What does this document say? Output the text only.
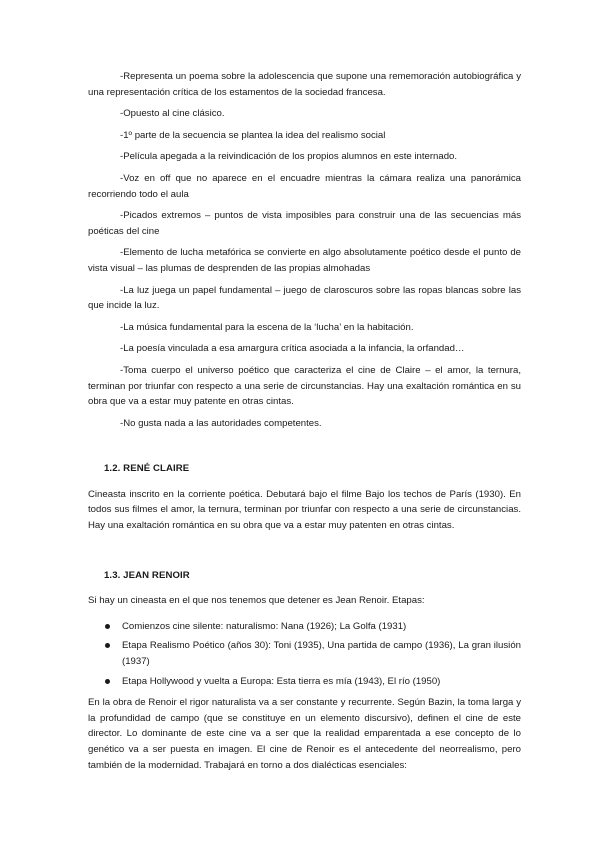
-Representa un poema sobre la adolescencia que supone una rememoración autobiográfica y una representación crítica de los estamentos de la sociedad francesa.

-Opuesto al cine clásico.

-1º parte de la secuencia se plantea la idea del realismo social

-Película apegada a la reivindicación de los propios alumnos en este internado.

-Voz en off que no aparece en el encuadre mientras la cámara realiza una panorámica recorriendo todo el aula

-Picados extremos – puntos de vista imposibles para construir una de las secuencias más poéticas del cine

-Elemento de lucha metafórica se convierte en algo absolutamente poético desde el punto de vista visual – las plumas de desprenden de las propias almohadas

-La luz juega un papel fundamental – juego de claroscuros sobre las ropas blancas sobre las que incide la luz.

-La música fundamental para la escena de la ‘lucha’ en la habitación.

-La poesía vinculada a esa amargura crítica asociada a la infancia, la orfandad…

-Toma cuerpo el universo poético que caracteriza el cine de Claire – el amor, la ternura, terminan por triunfar con respecto a una serie de circunstancias. Hay una exaltación romántica en su obra que va a estar muy patente en otras cintas.

-No gusta nada a las autoridades competentes.

1.2. RENÉ CLAIRE

Cineasta inscrito en la corriente poética. Debutará bajo el filme Bajo los techos de París (1930). En todos sus filmes el amor, la ternura, terminan por triunfar con respecto a una serie de circunstancias. Hay una exaltación romántica en su obra que va a estar muy patenten en otras cintas.

1.3. JEAN RENOIR

Si hay un cineasta en el que nos tenemos que detener es Jean Renoir. Etapas:

Comienzos cine silente: naturalismo: Nana (1926); La Golfa (1931)
Etapa Realismo Poético (años 30): Toni (1935), Una partida de campo (1936), La gran ilusión (1937)
Etapa Hollywood y vuelta a Europa: Esta tierra es mía (1943), El río (1950)

En la obra de Renoir el rigor naturalista va a ser constante y recurrente. Según Bazin, la toma larga y la profundidad de campo (que se constituye en un elemento discursivo), definen el cine de este director. Lo dominante de este cine va a ser que la realidad emparentada a ese concepto de lo genético va a ser puesta en imagen. El cine de Renoir es el antecedente del neorrealismo, pero también de la modernidad. Trabajará en torno a dos dialécticas esenciales:
